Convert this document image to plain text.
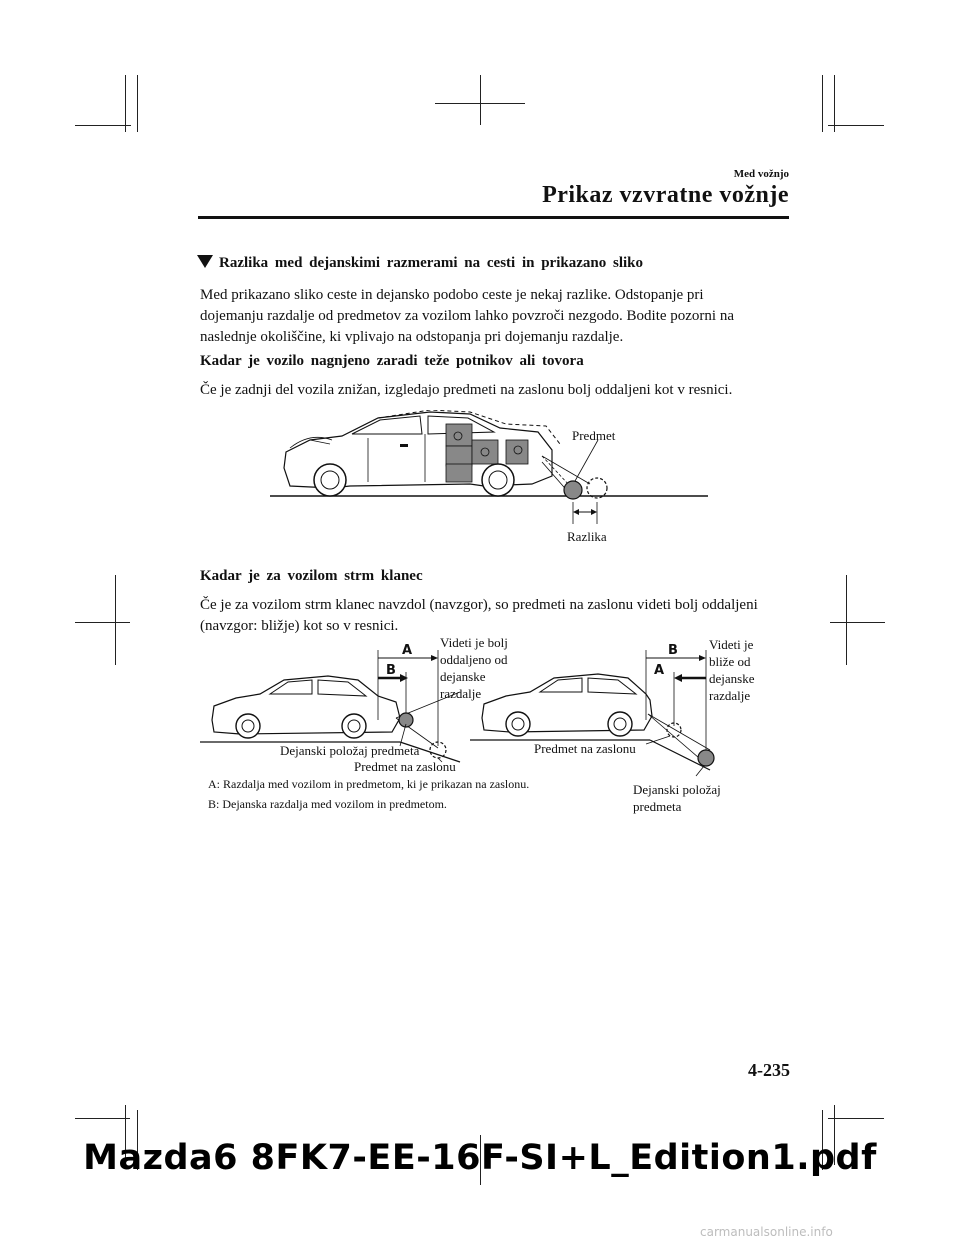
Med vožnjo
Prikaz vzvratne vožnje
Razlika med dejanskimi razmerami na cesti in prikazano sliko
Med prikazano sliko ceste in dejansko podobo ceste je nekaj razlike. Odstopanje pri
dojemanju razdalje od predmetov za vozilom lahko povzroči nezgodo. Bodite pozorni na
naslednje okoliščine, ki vplivajo na odstopanja pri dojemanju razdalje.
Kadar je vozilo nagnjeno zaradi teže potnikov ali tovora
Če je zadnji del vozila znižan, izgledajo predmeti na zaslonu bolj oddaljeni kot v resnici.
Predmet
Razlika
Kadar je za vozilom strm klanec
Če je za vozilom strm klanec navzdol (navzgor), so predmeti na zaslonu videti bolj oddaljeni
(navzgor: bližje) kot so v resnici.
A
B
Videti je bolj
oddaljeno od
dejanske
razdalje
Dejanski položaj predmeta
Predmet na zaslonu
B
A
Videti je
bliže od
dejanske
razdalje
Predmet na zaslonu
Dejanski položaj
predmeta
A: Razdalja med vozilom in predmetom, ki je prikazan na zaslonu.
B: Dejanska razdalja med vozilom in predmetom.
4-235
Mazda6 8FK7-EE-16F-SI+L_Edition1.pdf
carmanualsonline.info
